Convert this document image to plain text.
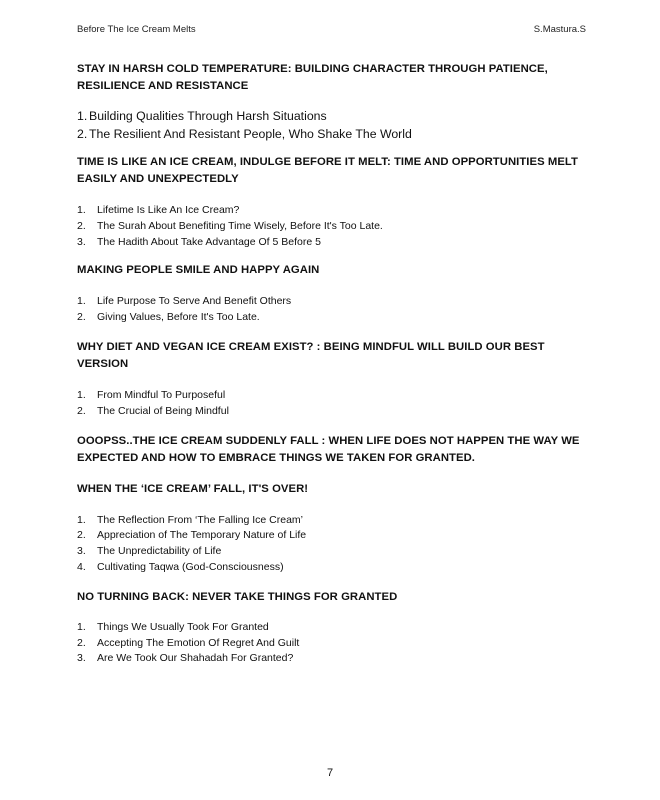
Before The Ice Cream Melts	S.Mastura.S
STAY IN HARSH COLD TEMPERATURE: BUILDING CHARACTER THROUGH PATIENCE, RESILIENCE AND RESISTANCE
1. Building Qualities Through Harsh Situations
2. The Resilient And Resistant People, Who Shake The World
TIME IS LIKE AN ICE CREAM, INDULGE BEFORE IT MELT: TIME AND OPPORTUNITIES MELT EASILY AND UNEXPECTEDLY
1. Lifetime Is Like An Ice Cream?
2. The Surah About Benefiting Time Wisely, Before It's Too Late.
3. The Hadith About Take Advantage Of 5 Before 5
MAKING PEOPLE SMILE AND HAPPY AGAIN
1. Life Purpose To Serve And Benefit Others
2. Giving Values, Before It's Too Late.
WHY DIET AND VEGAN ICE CREAM EXIST? : BEING MINDFUL WILL BUILD OUR BEST VERSION
1. From Mindful To Purposeful
2. The Crucial of Being Mindful
OOOPSS..THE ICE CREAM SUDDENLY FALL : WHEN LIFE DOES NOT HAPPEN THE WAY WE EXPECTED AND HOW TO EMBRACE THINGS WE TAKEN FOR GRANTED.
WHEN THE ‘ICE CREAM’ FALL, IT'S OVER!
1. The Reflection From ‘The Falling Ice Cream’
2. Appreciation of The Temporary Nature of Life
3. The Unpredictability of Life
4. Cultivating Taqwa (God-Consciousness)
NO TURNING BACK: NEVER TAKE THINGS FOR GRANTED
1. Things We Usually Took For Granted
2. Accepting The Emotion Of Regret And Guilt
3. Are We Took Our Shahadah For Granted?
7
